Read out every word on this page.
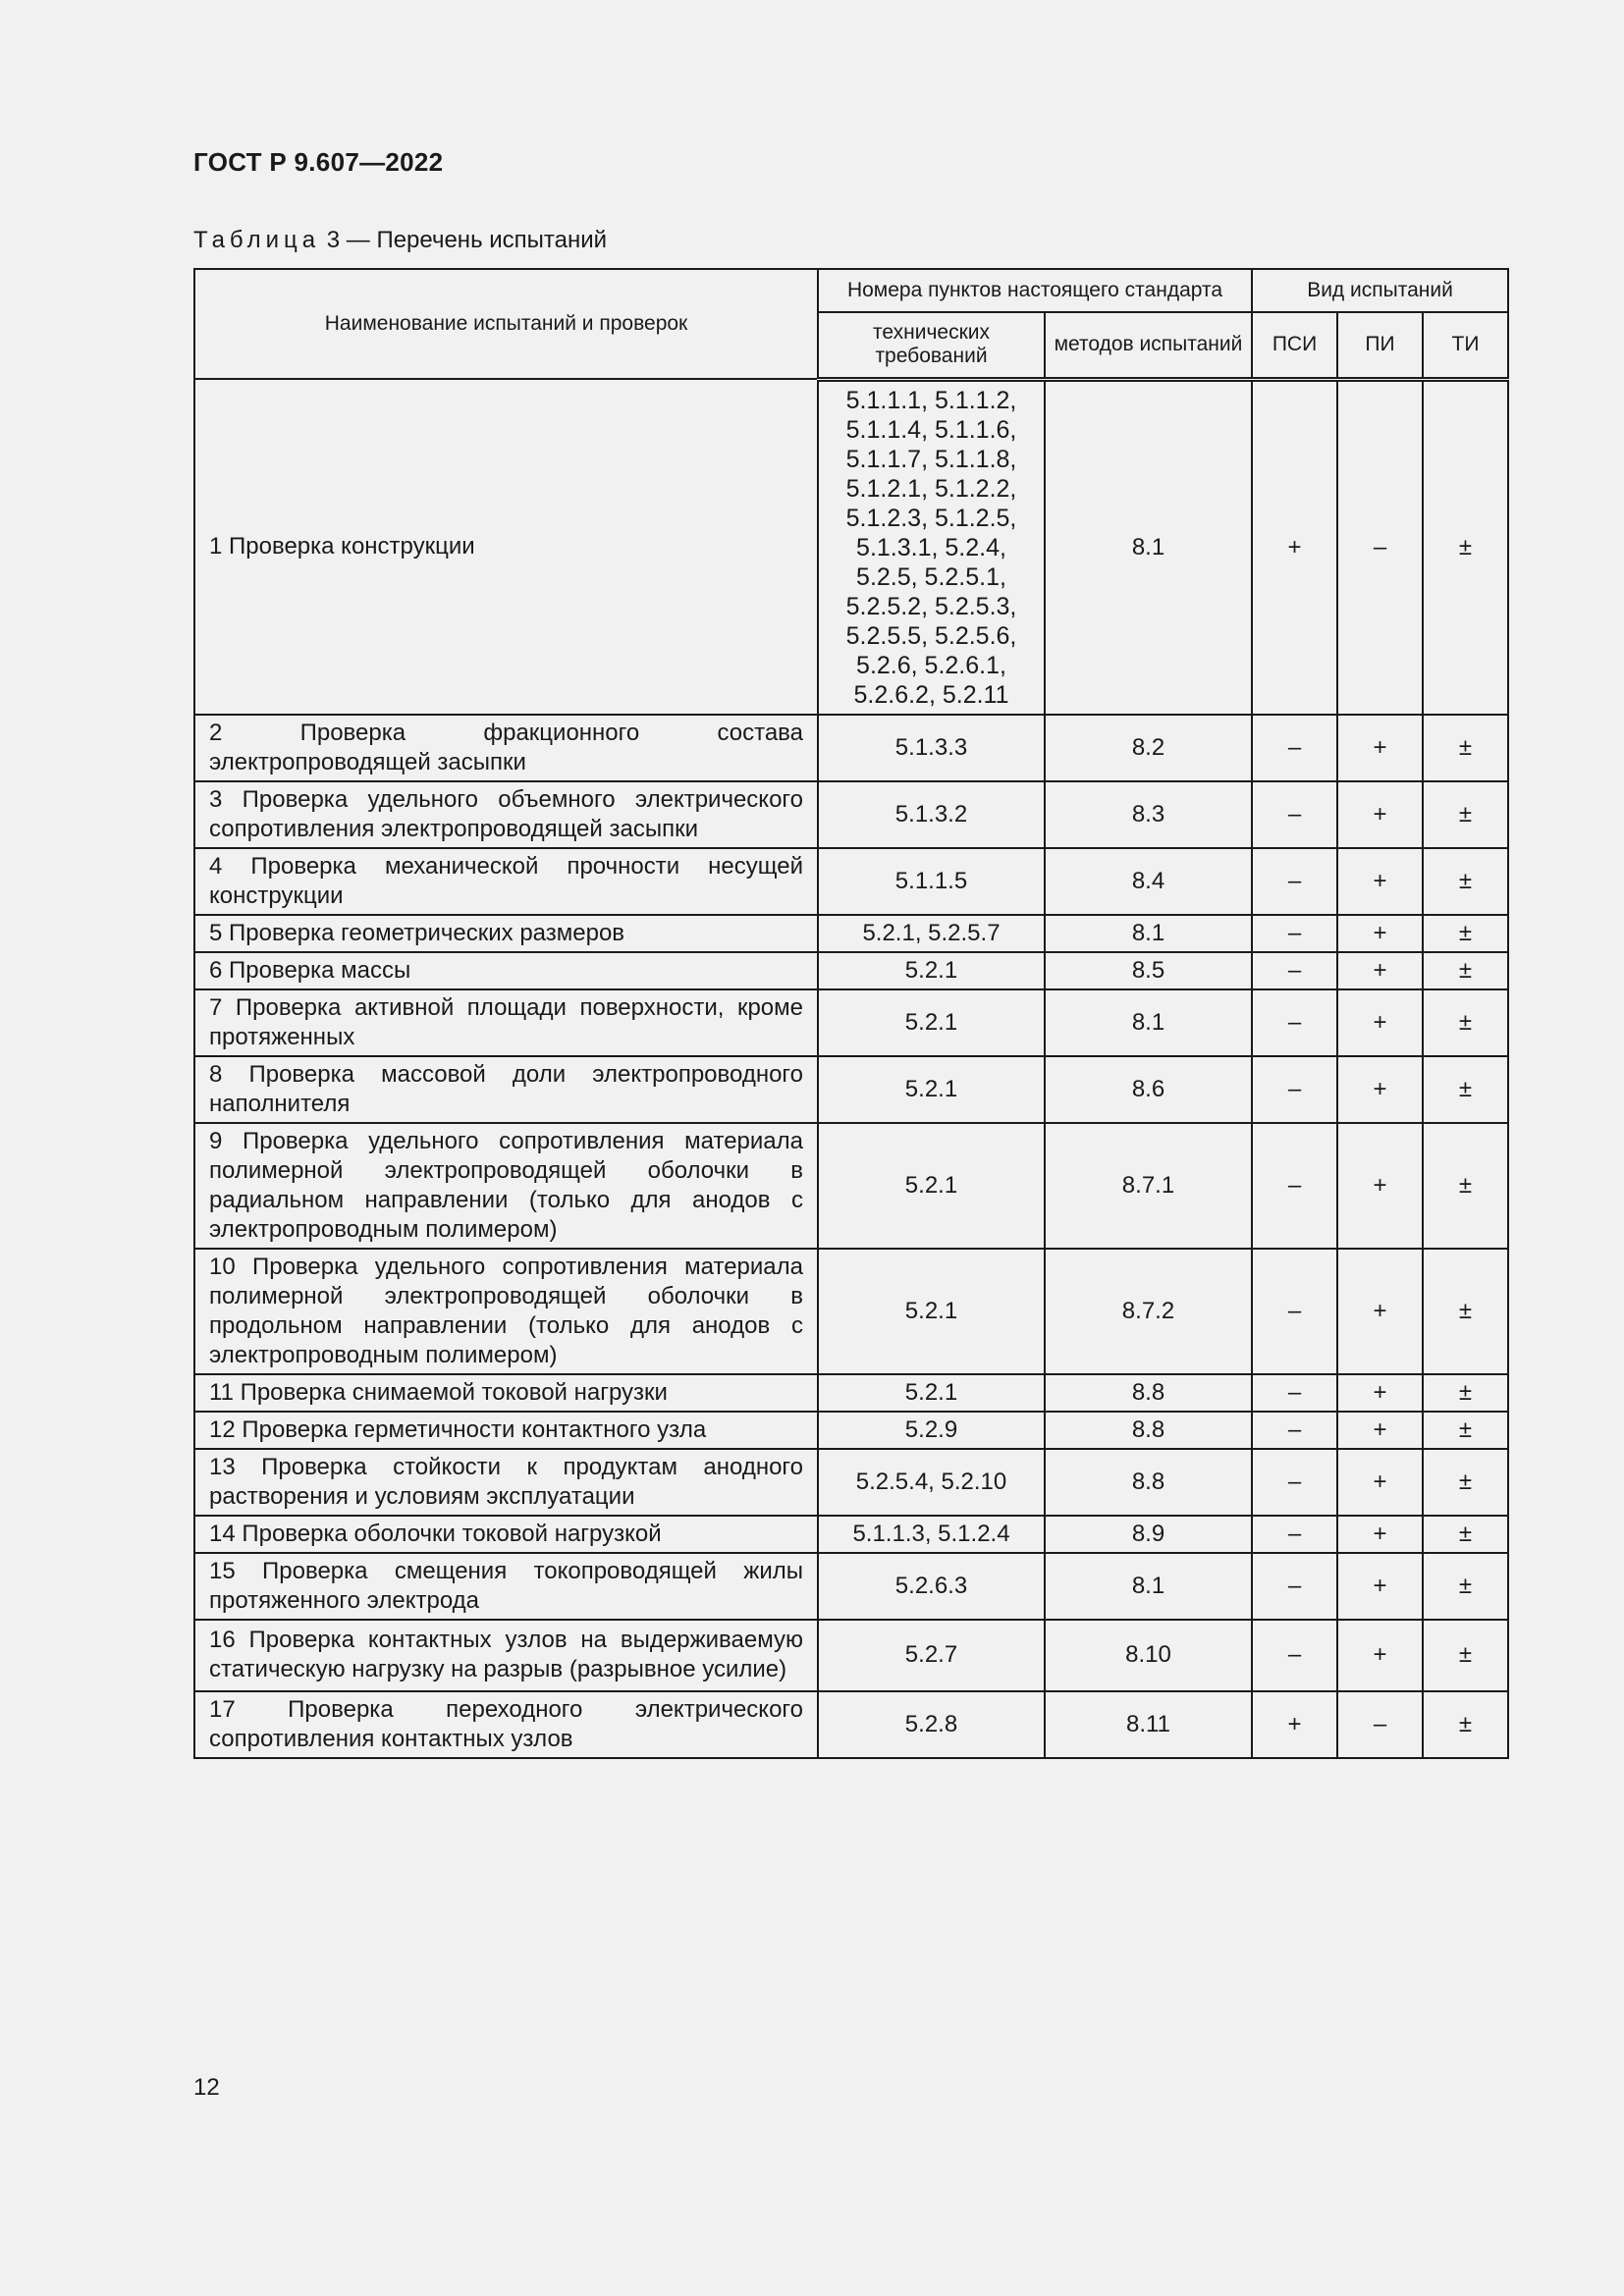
ГОСТ Р 9.607—2022
Таблица 3 — Перечень испытаний
Наименование испытаний и проверок	Номера пунктов настоящего стандарта		Вид испытаний		
	технических требований	методов испытаний	ПСИ	ПИ	ТИ
1 Проверка конструкции	5.1.1.1, 5.1.1.2, 5.1.1.4, 5.1.1.6, 5.1.1.7, 5.1.1.8, 5.1.2.1, 5.1.2.2, 5.1.2.3, 5.1.2.5, 5.1.3.1, 5.2.4, 5.2.5, 5.2.5.1, 5.2.5.2, 5.2.5.3, 5.2.5.5, 5.2.5.6, 5.2.6, 5.2.6.1, 5.2.6.2, 5.2.11	8.1	+	–	±
2 Проверка фракционного состава электропроводящей засыпки	5.1.3.3	8.2	–	+	±
3 Проверка удельного объемного электрического сопротивления электропроводящей засыпки	5.1.3.2	8.3	–	+	±
4 Проверка механической прочности несущей конструкции	5.1.1.5	8.4	–	+	±
5 Проверка геометрических размеров	5.2.1, 5.2.5.7	8.1	–	+	±
6 Проверка массы	5.2.1	8.5	–	+	±
7 Проверка активной площади поверхности, кроме протяженных	5.2.1	8.1	–	+	±
8 Проверка массовой доли электропроводного наполнителя	5.2.1	8.6	–	+	±
9 Проверка удельного сопротивления материала полимерной электропроводящей оболочки в радиальном направлении (только для анодов с электропроводным полимером)	5.2.1	8.7.1	–	+	±
10 Проверка удельного сопротивления материала полимерной электропроводящей оболочки в продольном направлении (только для анодов с электропроводным полимером)	5.2.1	8.7.2	–	+	±
11 Проверка снимаемой токовой нагрузки	5.2.1	8.8	–	+	±
12 Проверка герметичности контактного узла	5.2.9	8.8	–	+	±
13 Проверка стойкости к продуктам анодного растворения и условиям эксплуатации	5.2.5.4, 5.2.10	8.8	–	+	±
14 Проверка оболочки токовой нагрузкой	5.1.1.3, 5.1.2.4	8.9	–	+	±
15 Проверка смещения токопроводящей жилы протяженного электрода	5.2.6.3	8.1	–	+	±
16 Проверка контактных узлов на выдерживаемую статическую нагрузку на разрыв (разрывное усилие)	5.2.7	8.10	–	+	±
17 Проверка переходного электрического сопротивления контактных узлов	5.2.8	8.11	+	–	±
12
